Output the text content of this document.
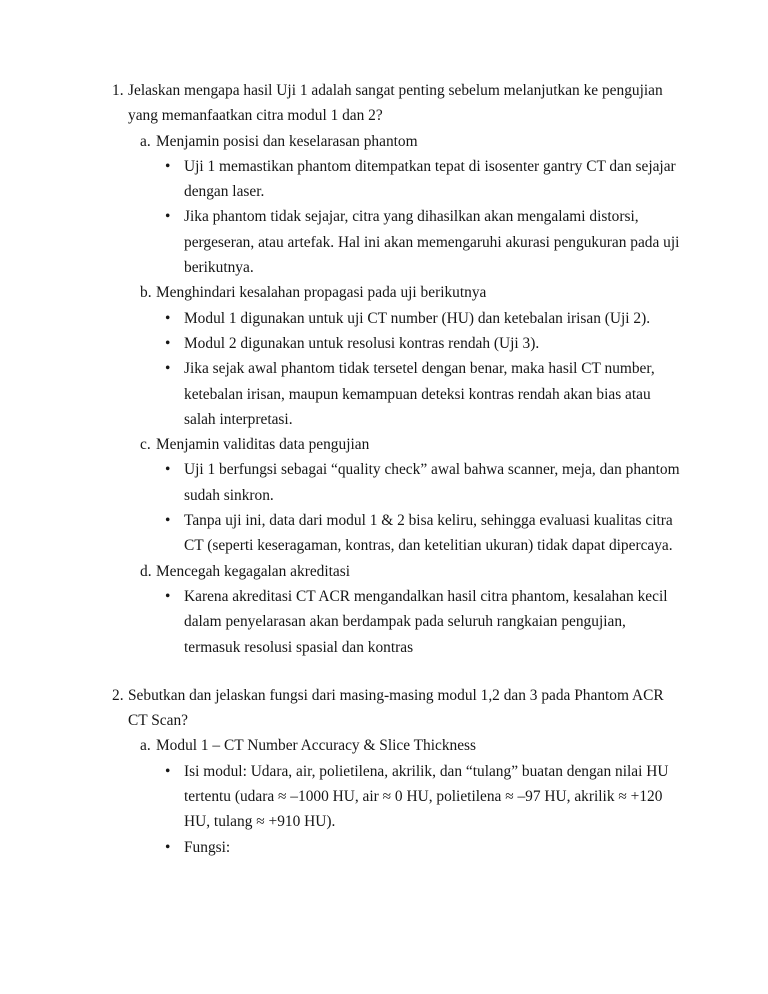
1. Jelaskan mengapa hasil Uji 1 adalah sangat penting sebelum melanjutkan ke pengujian yang memanfaatkan citra modul 1 dan 2?
a. Menjamin posisi dan keselarasan phantom
• Uji 1 memastikan phantom ditempatkan tepat di isosenter gantry CT dan sejajar dengan laser.
• Jika phantom tidak sejajar, citra yang dihasilkan akan mengalami distorsi, pergeseran, atau artefak. Hal ini akan memengaruhi akurasi pengukuran pada uji berikutnya.
b. Menghindari kesalahan propagasi pada uji berikutnya
• Modul 1 digunakan untuk uji CT number (HU) dan ketebalan irisan (Uji 2).
• Modul 2 digunakan untuk resolusi kontras rendah (Uji 3).
• Jika sejak awal phantom tidak tersetel dengan benar, maka hasil CT number, ketebalan irisan, maupun kemampuan deteksi kontras rendah akan bias atau salah interpretasi.
c. Menjamin validitas data pengujian
• Uji 1 berfungsi sebagai “quality check” awal bahwa scanner, meja, dan phantom sudah sinkron.
• Tanpa uji ini, data dari modul 1 & 2 bisa keliru, sehingga evaluasi kualitas citra CT (seperti keseragaman, kontras, dan ketelitian ukuran) tidak dapat dipercaya.
d. Mencegah kegagalan akreditasi
• Karena akreditasi CT ACR mengandalkan hasil citra phantom, kesalahan kecil dalam penyelarasan akan berdampak pada seluruh rangkaian pengujian, termasuk resolusi spasial dan kontras
2. Sebutkan dan jelaskan fungsi dari masing-masing modul 1,2 dan 3 pada Phantom ACR CT Scan?
a. Modul 1 – CT Number Accuracy & Slice Thickness
• Isi modul: Udara, air, polietilena, akrilik, dan “tulang” buatan dengan nilai HU tertentu (udara ≈ –1000 HU, air ≈ 0 HU, polietilena ≈ –97 HU, akrilik ≈ +120 HU, tulang ≈ +910 HU).
• Fungsi:
